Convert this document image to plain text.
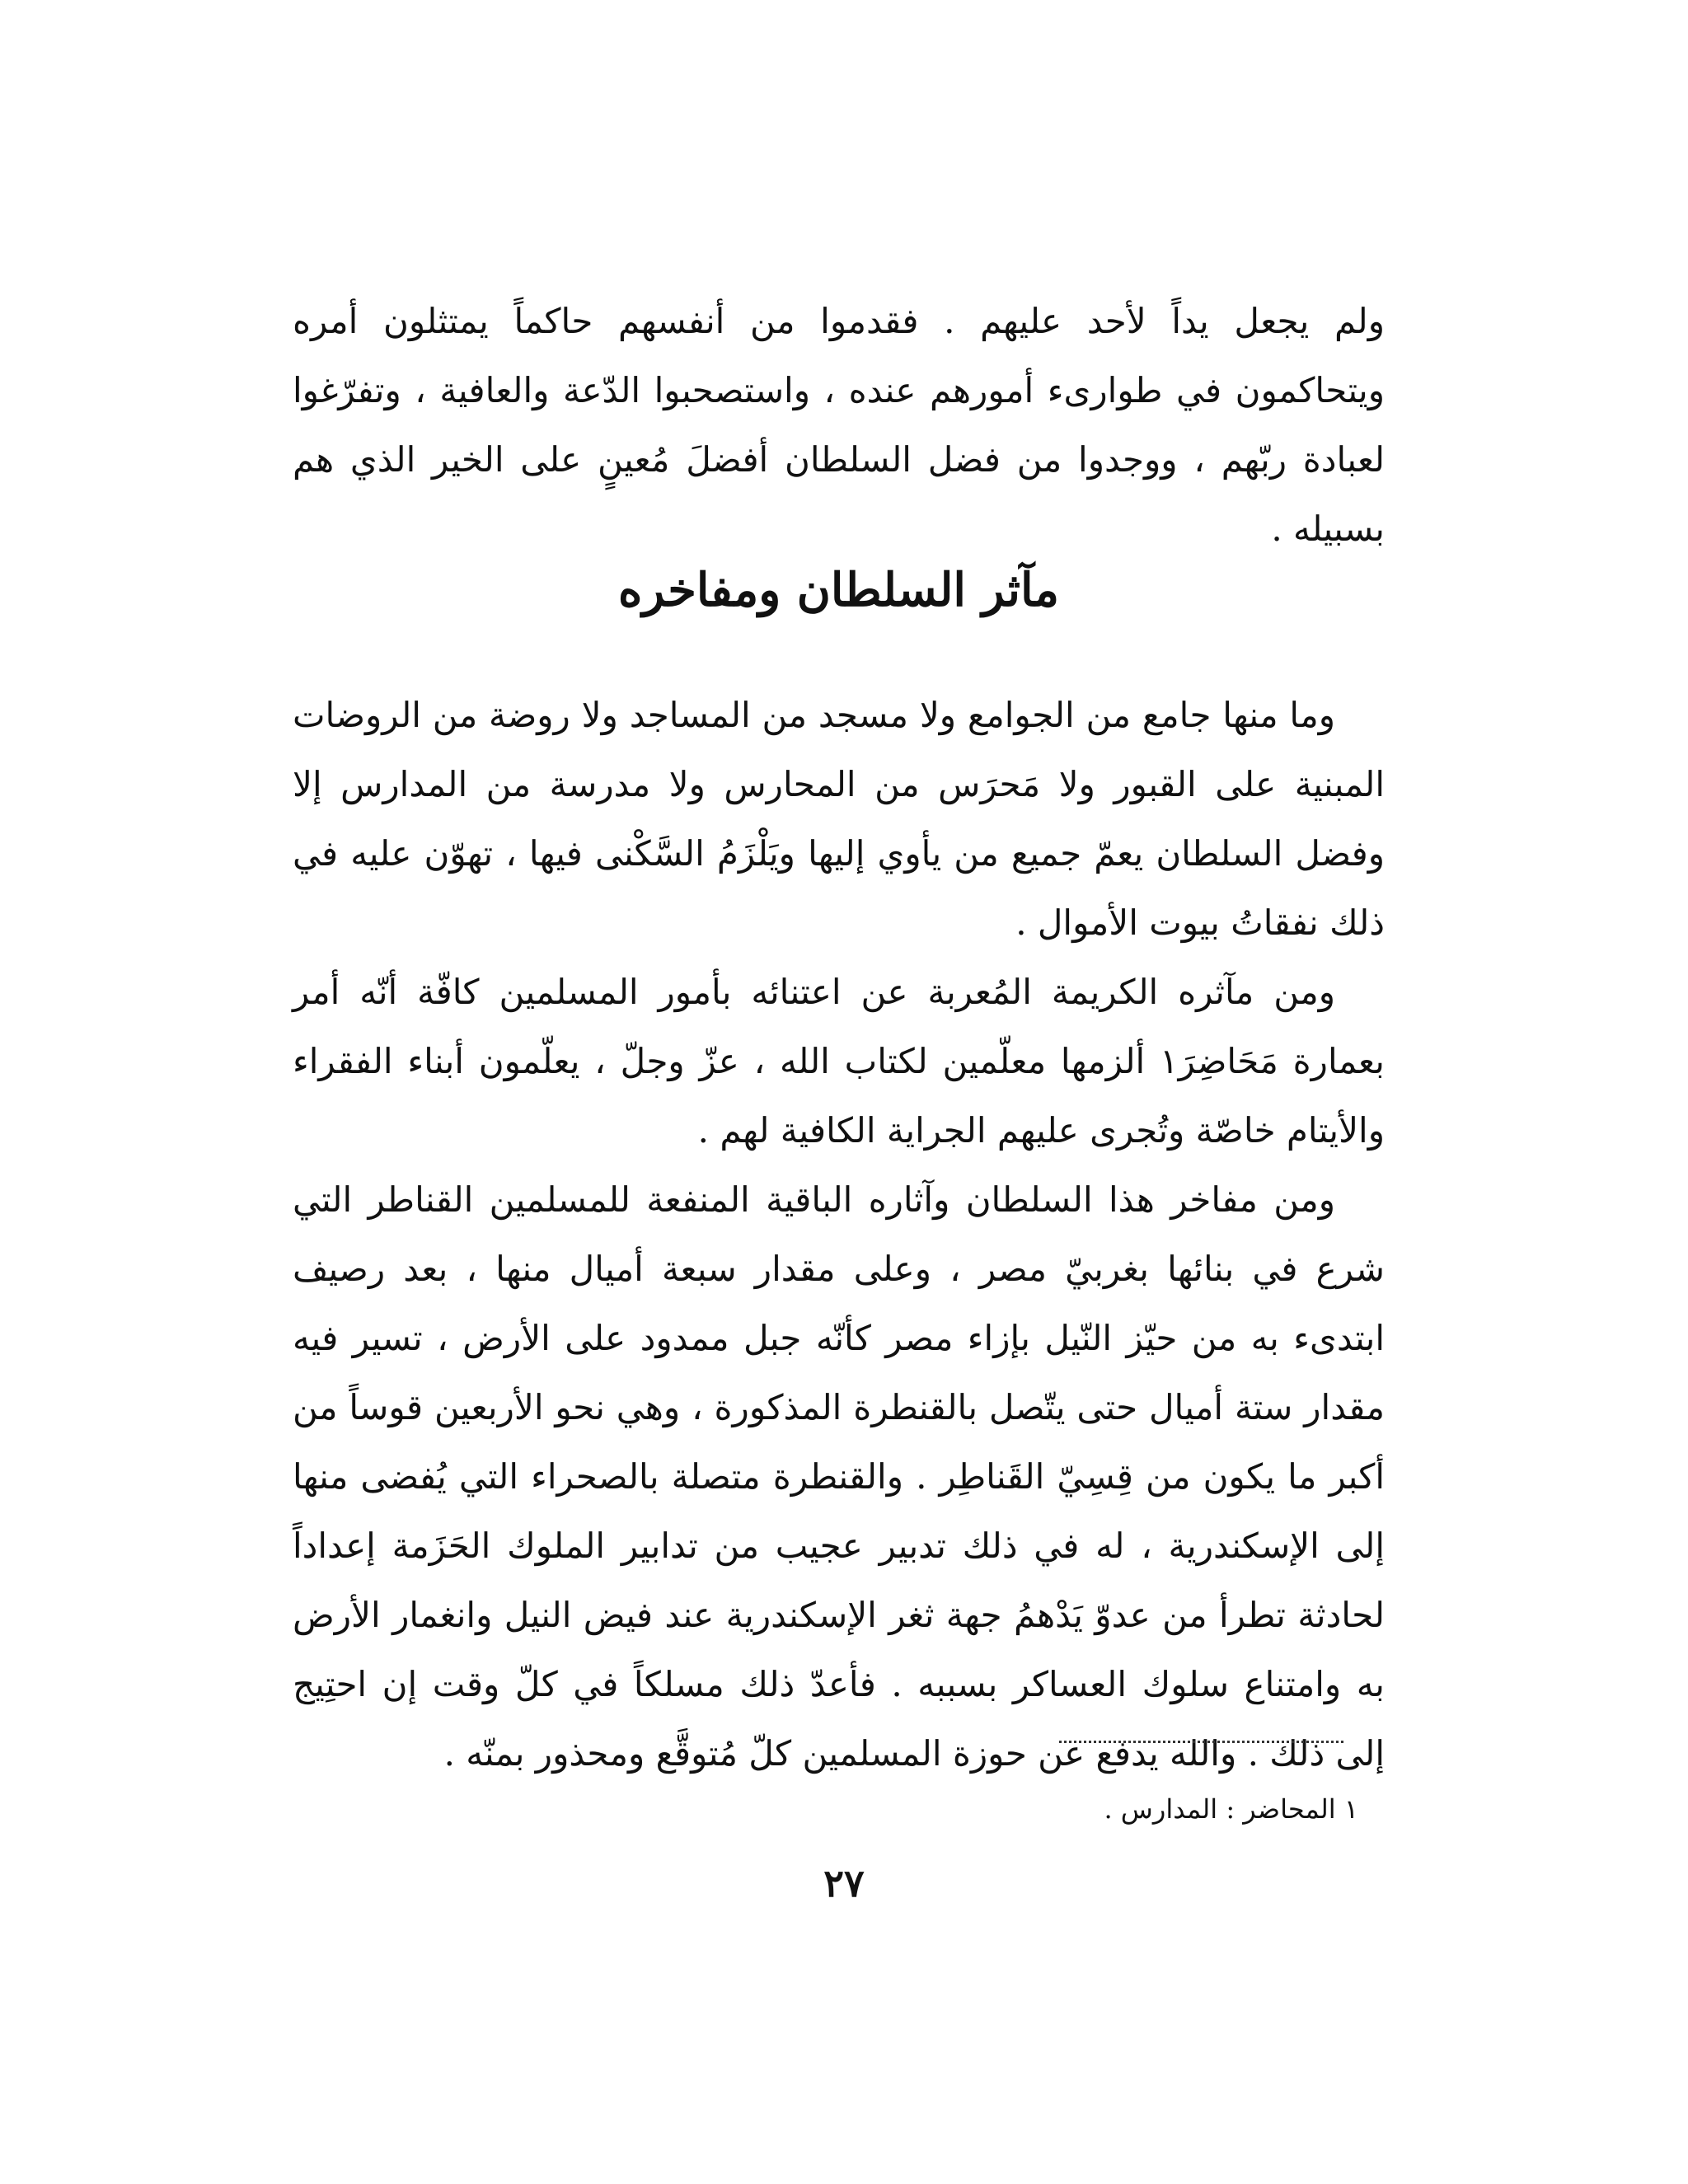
ولم يجعل يداً لأحد عليهم . فقدموا من أنفسهم حاكماً يمتثلون أمره ويتحاكمون في طوارىء أمورهم عنده ، واستصحبوا الدّعة والعافية ، وتفرّغوا لعبادة ربّهم ، ووجدوا من فضل السلطان أفضلَ مُعينٍ على الخير الذي هم بسبيله .

مآثر السلطان ومفاخره

وما منها جامع من الجوامع ولا مسجد من المساجد ولا روضة من الروضات المبنية على القبور ولا مَحرَس من المحارس ولا مدرسة من المدارس إلا وفضل السلطان يعمّ جميع من يأوي إليها ويَلْزَمُ السَّكْنى فيها ، تهوّن عليه في ذلك نفقاتُ بيوت الأموال .

ومن مآثره الكريمة المُعربة عن اعتنائه بأمور المسلمين كافّة أنّه أمر بعمارة مَحَاضِرَ١ ألزمها معلّمين لكتاب الله ، عزّ وجلّ ، يعلّمون أبناء الفقراء والأيتام خاصّة وتُجرى عليهم الجراية الكافية لهم .

ومن مفاخر هذا السلطان وآثاره الباقية المنفعة للمسلمين القناطر التي شرع في بنائها بغربيّ مصر ، وعلى مقدار سبعة أميال منها ، بعد رصيف ابتدىء به من حيّز النّيل بإزاء مصر كأنّه جبل ممدود على الأرض ، تسير فيه مقدار ستة أميال حتى يتّصل بالقنطرة المذكورة ، وهي نحو الأربعين قوساً من أكبر ما يكون من قِسِيّ القَناطِر . والقنطرة متصلة بالصحراء التي يُفضى منها إلى الإسكندرية ، له في ذلك تدبير عجيب من تدابير الملوك الحَزَمة إعداداً لحادثة تطرأ من عدوّ يَدْهمُ جهة ثغر الإسكندرية عند فيض النيل وانغمار الأرض به وامتناع سلوك العساكر بسببه . فأعدّ ذلك مسلكاً في كلّ وقت إن احتِيج إلى ذلك . والله يدفع عن حوزة المسلمين كلّ مُتوقَّع ومحذور بمنّه .

١ المحاضر : المدارس .
٢٧
